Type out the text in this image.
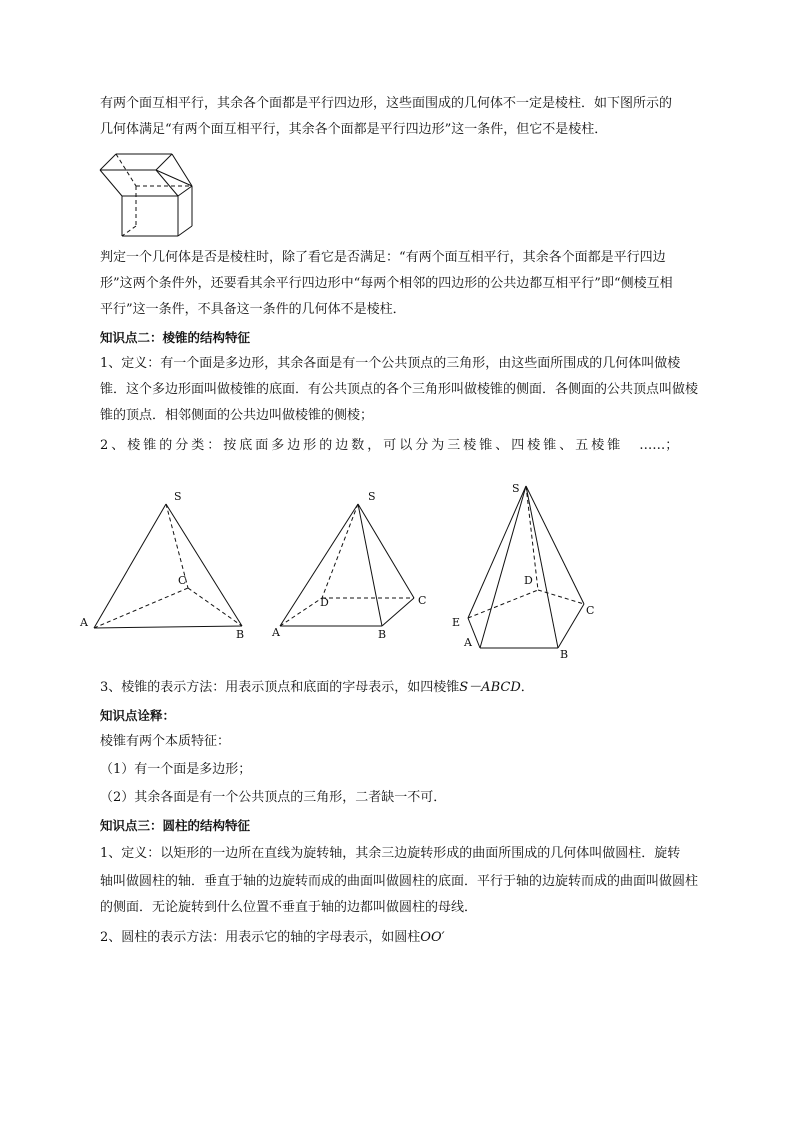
有两个面互相平行，其余各个面都是平行四边形，这些面围成的几何体不一定是棱柱．如下图所示的

几何体满足“有两个面互相平行，其余各个面都是平行四边形”这一条件，但它不是棱柱．

判定一个几何体是否是棱柱时，除了看它是否满足：“有两个面互相平行，其余各个面都是平行四边

形”这两个条件外，还要看其余平行四边形中“每两个相邻的四边形的公共边都互相平行”即“侧棱互相

平行”这一条件，不具备这一条件的几何体不是棱柱．

知识点二：棱锥的结构特征

1、定义：有一个面是多边形，其余各面是有一个公共顶点的三角形，由这些面所围成的几何体叫做棱

锥．这个多边形面叫做棱锥的底面．有公共顶点的各个三角形叫做棱锥的侧面．各侧面的公共顶点叫做棱

锥的顶点．相邻侧面的公共边叫做棱锥的侧棱；

2、棱锥的分类：按底面多边形的边数，可以分为三棱锥、四棱锥、五棱锥 ……；

S
A
B
C
S
A	B
C
D
S
E
A
B
C
D

3、棱锥的表示方法：用表示顶点和底面的字母表示，如四棱锥S－ABCD．

知识点诠释：

棱锥有两个本质特征：

（1）有一个面是多边形；

（2）其余各面是有一个公共顶点的三角形，二者缺一不可．

知识点三：圆柱的结构特征

1、定义：以矩形的一边所在直线为旋转轴，其余三边旋转形成的曲面所围成的几何体叫做圆柱．旋转

轴叫做圆柱的轴．垂直于轴的边旋转而成的曲面叫做圆柱的底面．平行于轴的边旋转而成的曲面叫做圆柱

的侧面．无论旋转到什么位置不垂直于轴的边都叫做圆柱的母线．

2、圆柱的表示方法：用表示它的轴的字母表示，如圆柱OO′
